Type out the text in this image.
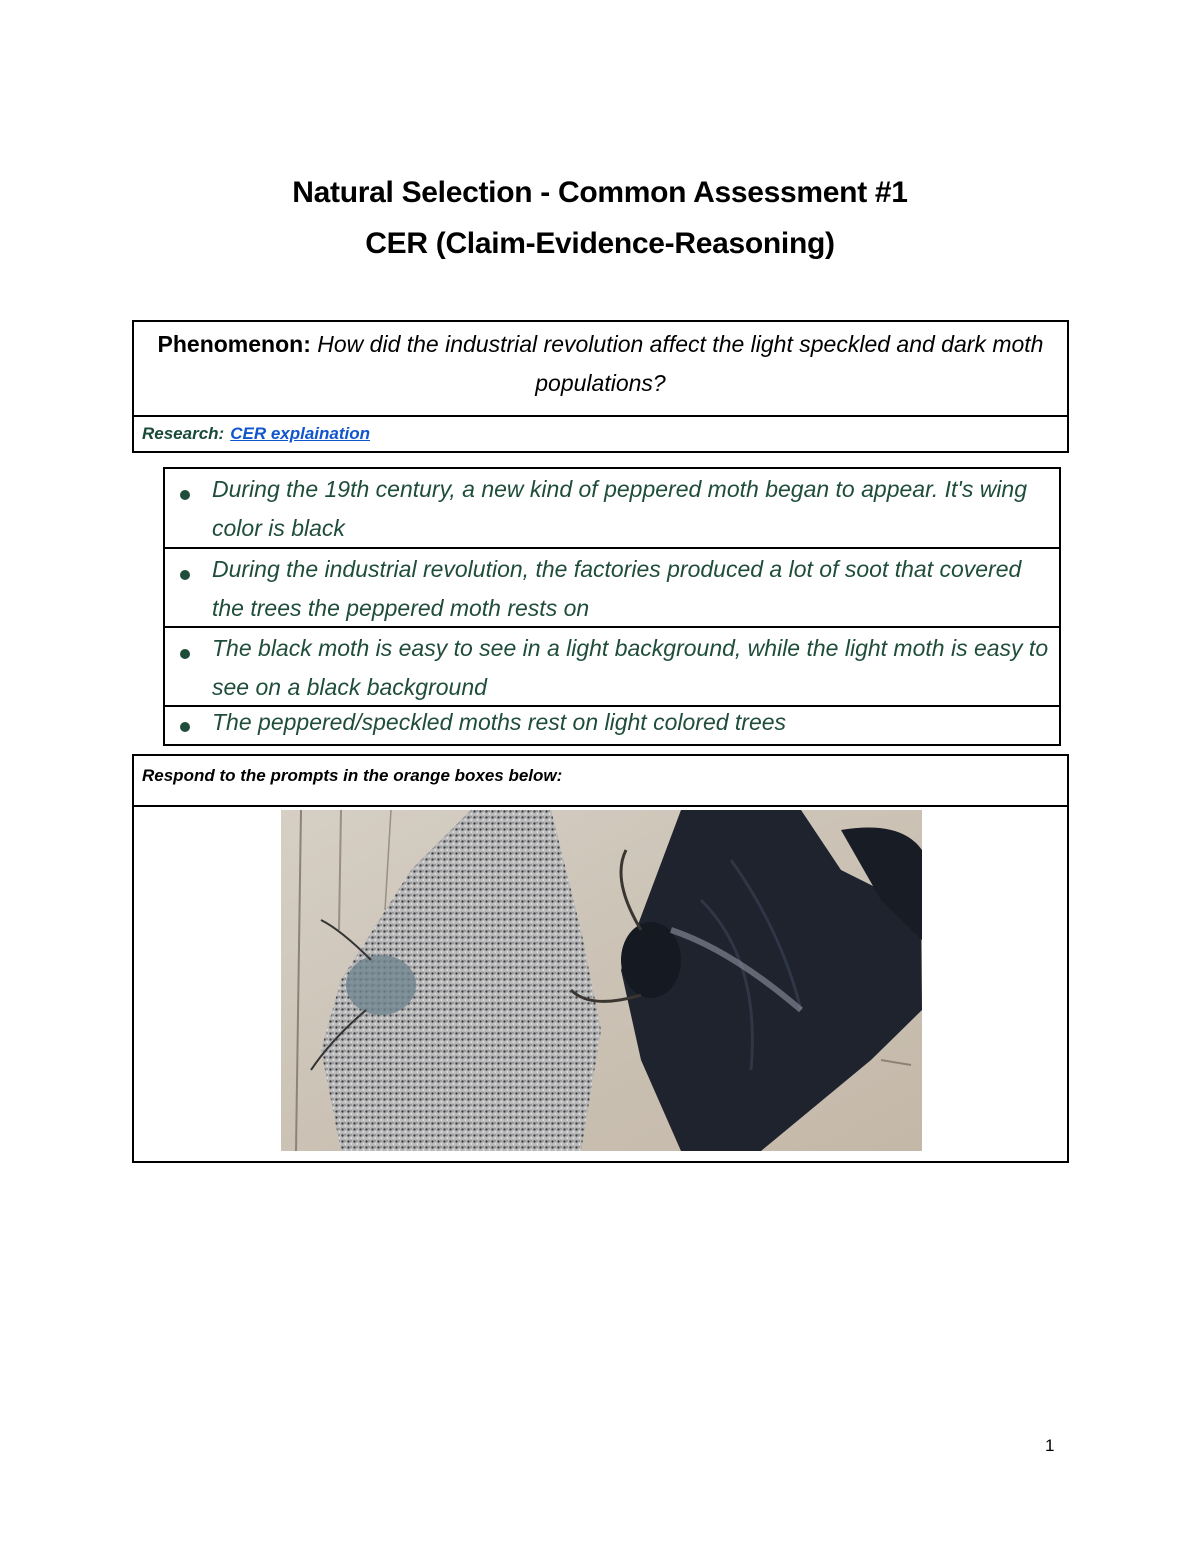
Natural Selection - Common Assessment #1
CER (Claim-Evidence-Reasoning)
Phenomenon: How did the industrial revolution affect the light speckled and dark moth populations?
Research: CER explaination
During the 19th century, a new kind of peppered moth began to appear. It's wing color is black
During the industrial revolution, the factories produced a lot of soot that covered the trees the peppered moth rests on
The black moth is easy to see in a light background, while the light moth is easy to see on a black background
The peppered/speckled moths rest on light colored trees
Respond to the prompts in the orange boxes below:
1
